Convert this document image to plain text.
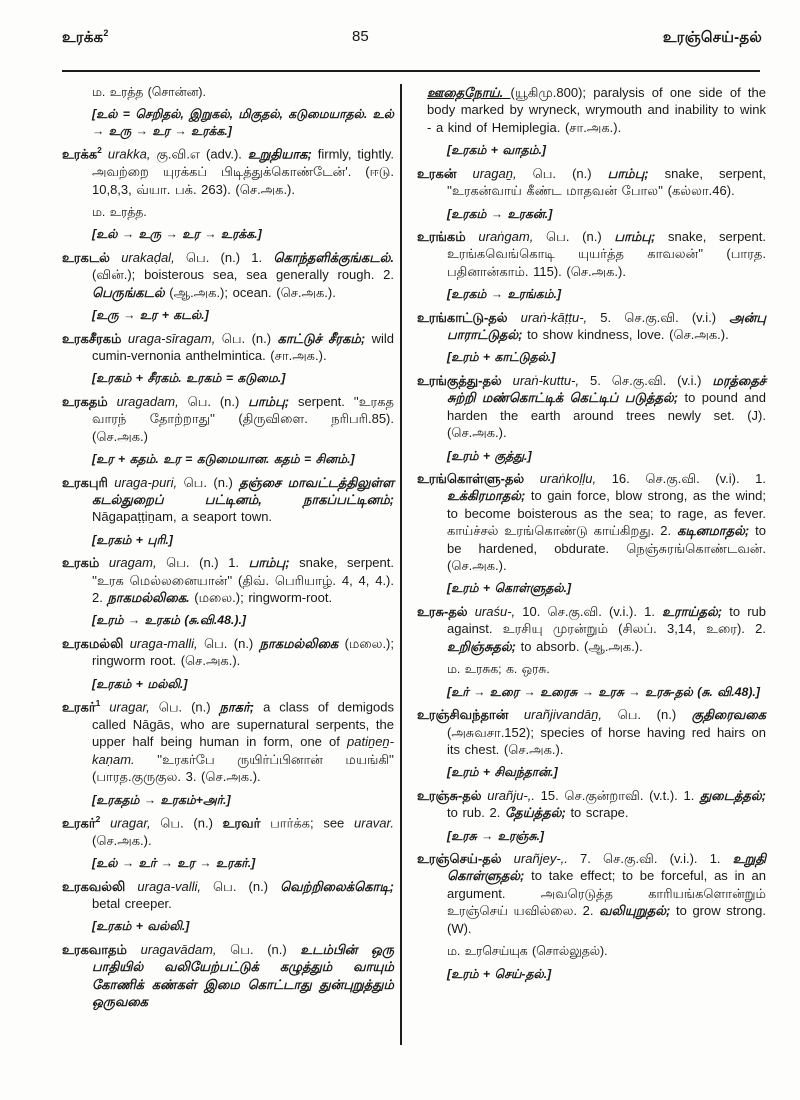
உரக்க$^2$	85	உரஞ்செய்-தல்

ம. உரத்த (சொன்ன).

[உல் = செறிதல், இறுகல், மிகுதல், கடுமையாதல். உல் → உரு → உர → உரக்க.]

உரக்க$^2$ urakka, கு.வி.எ (adv.). உறுதியாக; firmly, tightly. அவற்றை யுரக்கப் பிடித்துக்கொண்டேன்'. (ஈடு. 10,8,3, வ்யா. பக். 263). (செ.அக.).

ம. உரத்த.

[உல் → உரு → உர → உரக்க.]

உரகடல் urakaḍal, பெ. (n.) 1. கொந்தளிக்குங்கடல். (வின்.); boisterous sea, sea generally rough. 2. பெருங்கடல் (ஆ.அக.); ocean. (செ.அக.).

[உரு → உர + கடல்.]

உரகசீரகம் uraga-sīragam, பெ. (n.) காட்டுச் சீரகம்; wild cumin-vernonia anthelmintica. (சா.அக.).

[உரகம் + சீரகம். உரகம் = கடுமை.]

உரகதம் uragadam, பெ. (n.) பாம்பு; serpent. ''உரகத வாரந் தோற்றாது'' (திருவிளை. நரிபரி.85). (செ.அக.)

[உர + கதம். உர = கடுமையான. கதம் = சினம்.]

உரகபுரி uraga-puri, பெ. (n.) தஞ்சை மாவட்டத்திலுள்ள கடல்துறைப் பட்டினம், நாகப்பட்டினம்; Nāgapaṭṭiṉam, a seaport town.

[உரகம் + புரி.]

உரகம் uragam, பெ. (n.) 1. பாம்பு; snake, serpent. ''உரக மெல்லனையான்'' (திவ். பெரியாழ். 4, 4, 4.). 2. நாகமல்லிகை. (மலை.); ringworm-root.

[உரம் → உரகம் (சு.வி.48.).]

உரகமல்லி uraga-malli, பெ. (n.) நாகமல்லிகை (மலை.); ringworm root. (செ.அக.).

[உரகம் + மல்லி.]

உரகர்$^1$ uragar, பெ. (n.) நாகர்; a class of demigods called Nāgās, who are supernatural serpents, the upper half being human in form, one of patiṉeṉ-kaṇam. ''உரகர்பே ருயிர்ப்பினான் மயங்கி'' (பாரத.குருகுல. 3. (செ.அக.).

[உரகதம் → உரகம்+அர்.]

உரகர்$^2$ uragar, பெ. (n.) உரவர் பார்க்க; see uravar. (செ.அக.).

[உல் → உர் → உர → உரகர்.]

உரகவல்லி uraga-valli, பெ. (n.) வெற்றிலைக்கொடி; betal creeper.

[உரகம் + வல்லி.]

உரகவாதம் uragavādam, பெ. (n.) உடம்பின் ஒரு பாதியில் வலியேற்பட்டுக் கழுத்தும் வாயும் கோணிக் கண்கள் இமை கொட்டாது துன்புறுத்தும் ஒருவகை

ஊதைநோய். (யூகிமு.800); paralysis of one side of the body marked by wryneck, wrymouth and inability to wink - a kind of Hemiplegia. (சா.அக.).

[உரகம் + வாதம்.]

உரகன் uragaṉ, பெ. (n.) பாம்பு; snake, serpent, ''உரகன்வாய் கீண்ட மாதவன் போல'' (கல்லா.46).

[உரகம் → உரகன்.]

உரங்கம் uraṅgam, பெ. (n.) பாம்பு; snake, serpent. உரங்கவெங்கொடி யுயர்த்த காவலன்'' (பாரத. பதினான்காம். 115). (செ.அக.).

[உரகம் → உரங்கம்.]

உரங்காட்டு-தல் uraṅ-kāṭṭu-, 5. செ.கு.வி. (v.i.) அன்பு பாராட்டுதல்; to show kindness, love. (செ.அக.).

[உரம் + காட்டுதல்.]

உரங்குத்து-தல் uraṅ-kuttu-, 5. செ.கு.வி. (v.i.) மரத்தைச் சுற்றி மண்கொட்டிக் கெட்டிப் படுத்தல்; to pound and harden the earth around trees newly set. (J). (செ.அக.).

[உரம் + குத்து.]

உரங்கொள்ளு-தல் uraṅkoḷḷu, 16. செ.கு.வி. (v.i). 1. உக்கிரமாதல்; to gain force, blow strong, as the wind; to become boisterous as the sea; to rage, as fever. காய்ச்சல் உரங்கொண்டு காய்கிறது. 2. கடினமாதல்; to be hardened, obdurate. நெஞ்சுரங்கொண்டவன். (செ.அக.).

[உரம் + கொள்ளுதல்.]

உரசு-தல் uraśu-, 10. செ.கு.வி. (v.i.). 1. உராய்தல்; to rub against. உரசியு முரன்றும் (சிலப். 3,14, உரை). 2. உறிஞ்சுதல்; to absorb. (ஆ.அக.).

ம. உரசுக; க. ஒரசு.

[உர் → உரை → உரைசு → உரசு → உரசு-தல் (சு. வி.48).]

உரஞ்சிவந்தான் urañjivandāṉ, பெ. (n.) குதிரைவகை (அசுவசா.152); species of horse having red hairs on its chest. (செ.அக.).

[உரம் + சிவந்தான்.]

உரஞ்சு-தல் urañju-,. 15. செ.குன்றாவி. (v.t.). 1. துடைத்தல்; to rub. 2. தேய்த்தல்; to scrape.

[உரசு → உரஞ்சு.]

உரஞ்செய்-தல் urañjey-,. 7. செ.கு.வி. (v.i.). 1. உறுதி கொள்ளுதல்; to take effect; to be forceful, as in an argument. அவரெடுத்த காரியங்களொன்றும் உரஞ்செய் யவில்லை. 2. வலியுறுதல்; to grow strong. (W).

ம. உரசெய்யுக (சொல்லுதல்).

[உரம் + செய்-தல்.]
